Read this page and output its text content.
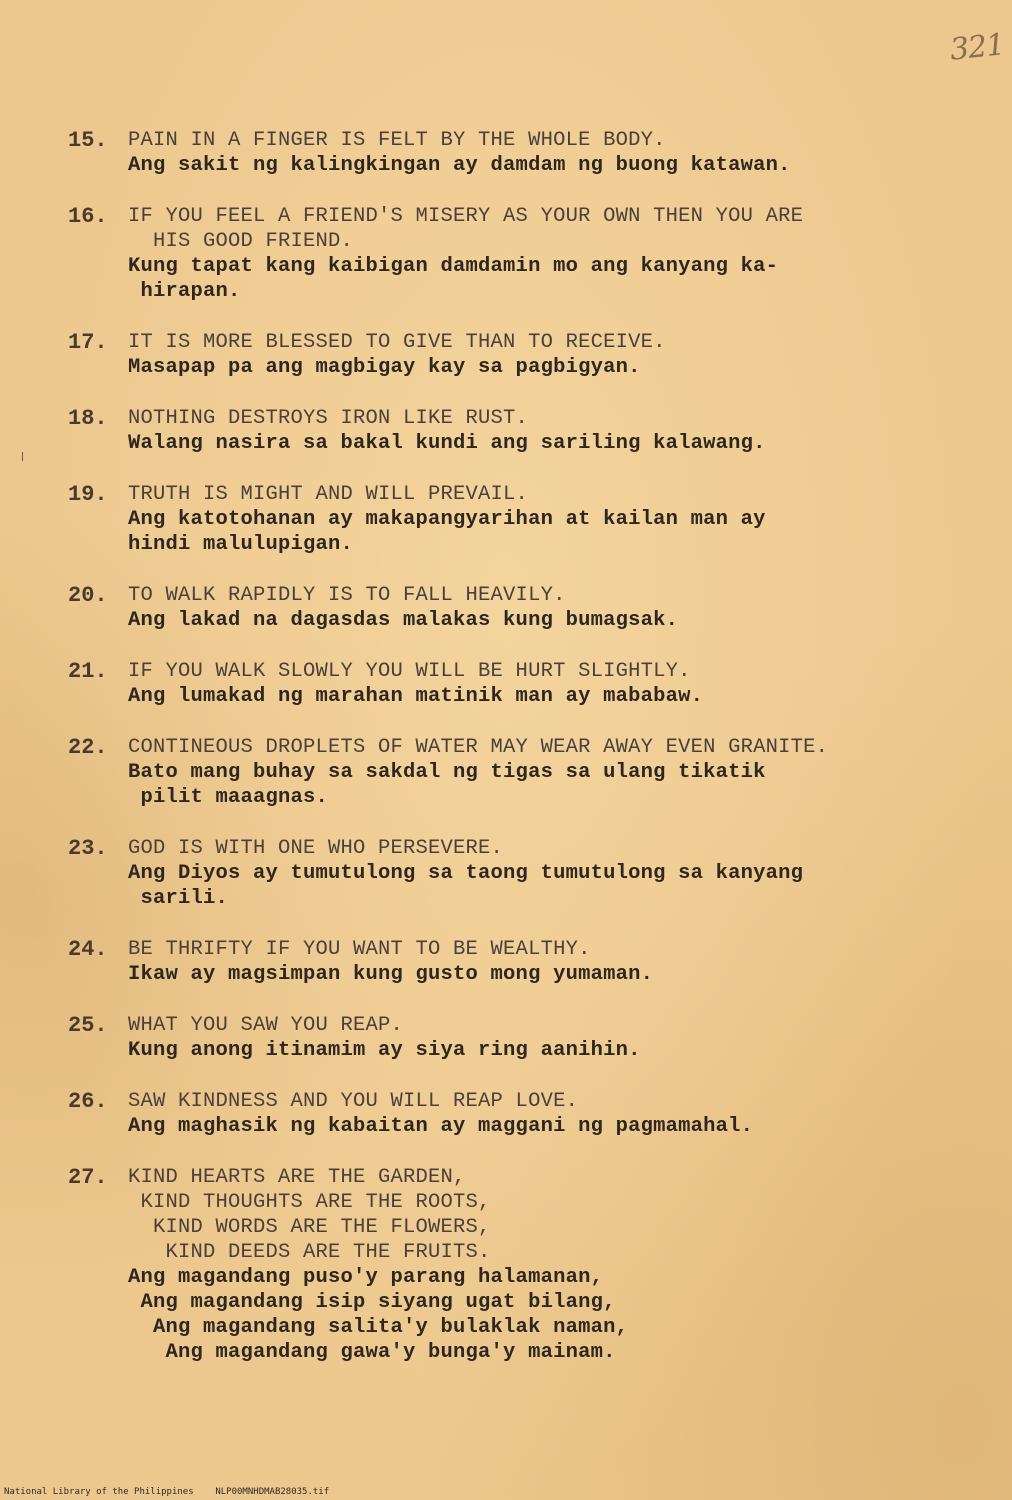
321
15. PAIN IN A FINGER IS FELT BY THE WHOLE BODY.
Ang sakit ng kalingkingan ay damdam ng buong katawan.
16. IF YOU FEEL A FRIEND'S MISERY AS YOUR OWN THEN YOU ARE
HIS GOOD FRIEND.
Kung tapat kang kaibigan damdamin mo ang kanyang ka-
hirapan.
17. IT IS MORE BLESSED TO GIVE THAN TO RECEIVE.
Masapap pa ang magbigay kay sa pagbigyan.
18. NOTHING DESTROYS IRON LIKE RUST.
Walang nasira sa bakal kundi ang sariling kalawang.
19. TRUTH IS MIGHT AND WILL PREVAIL.
Ang katotohanan ay makapangyarihan at kailan man ay
hindi malulupigan.
20. TO WALK RAPIDLY IS TO FALL HEAVILY.
Ang lakad na dagasdas malakas kung bumagsak.
21. IF YOU WALK SLOWLY YOU WILL BE HURT SLIGHTLY.
Ang lumakad ng marahan matinik man ay mababaw.
22. CONTINEOUS DROPLETS OF WATER MAY WEAR AWAY EVEN GRANITE.
Bato mang buhay sa sakdal ng tigas sa ulang tikatik
pilit maaagnas.
23. GOD IS WITH ONE WHO PERSEVERE.
Ang Diyos ay tumutulong sa taong tumutulong sa kanyang
sarili.
24. BE THRIFTY IF YOU WANT TO BE WEALTHY.
Ikaw ay magsimpan kung gusto mong yumaman.
25. WHAT YOU SAW YOU REAP.
Kung anong itinamim ay siya ring aanihin.
26. SAW KINDNESS AND YOU WILL REAP LOVE.
Ang maghasik ng kabaitan ay maggani ng pagmamahal.
27. KIND HEARTS ARE THE GARDEN,
KIND THOUGHTS ARE THE ROOTS,
KIND WORDS ARE THE FLOWERS,
KIND DEEDS ARE THE FRUITS.
Ang magandang puso'y parang halamanan,
Ang magandang isip siyang ugat bilang,
Ang magandang salita'y bulaklak naman,
Ang magandang gawa'y bunga'y mainam.
National Library of the Philippines NLP00MNHDMAB28035.tif
